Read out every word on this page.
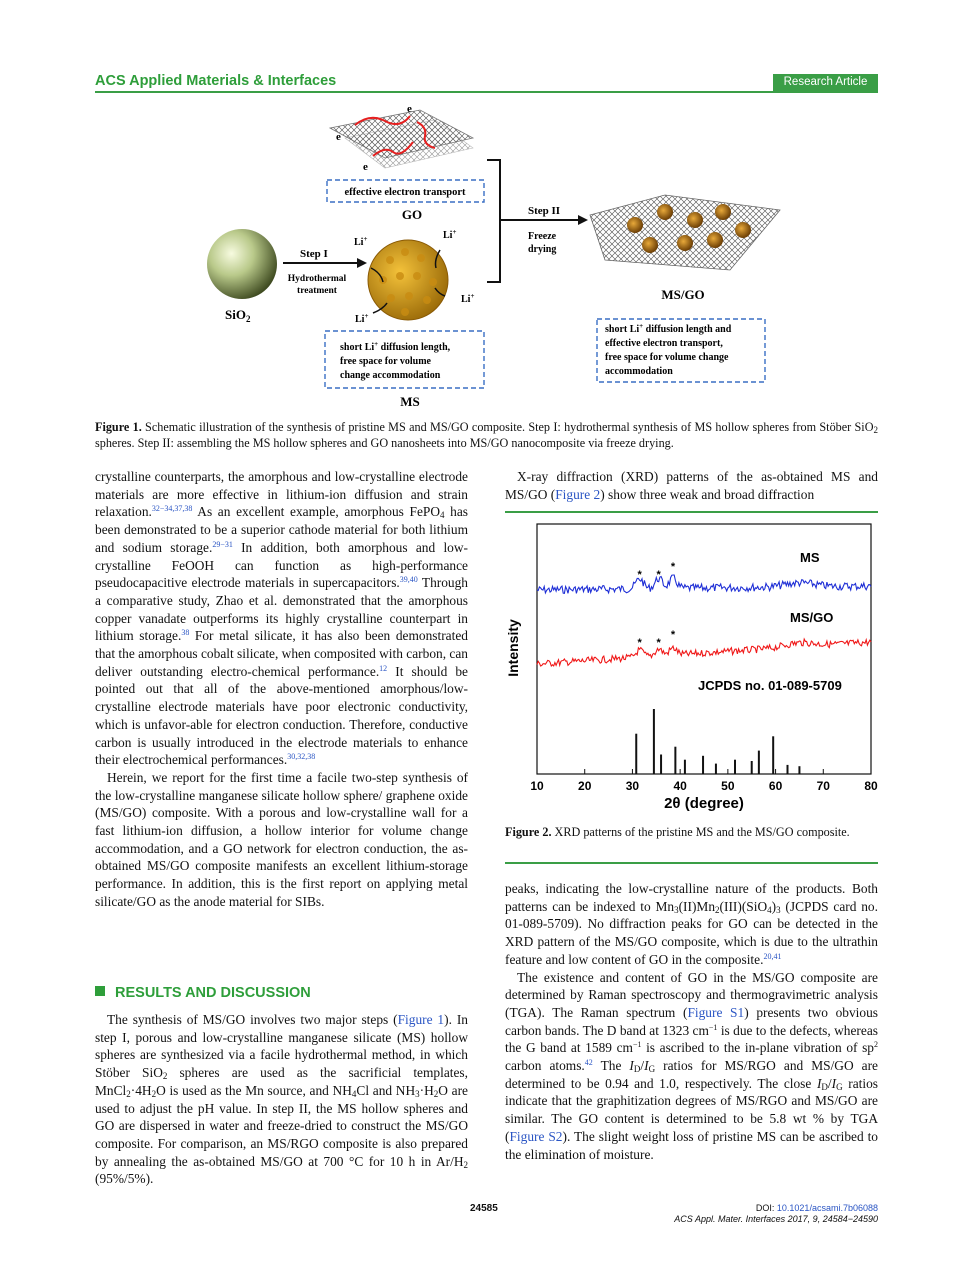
ACS Applied Materials & Interfaces	Research Article
e
e
e
effective electron transport
GO
SiO$_2$
Step I
Hydrothermal
treatment
Li+	Li+
Li+
Li+
Step II
Freeze
drying
MS/GO
short Li+ diffusion length,
free space for volume
change accommodation
MS
short Li+ diffusion length and
effective electron transport,
free space for volume change
accommodation
Figure 1. Schematic illustration of the synthesis of pristine MS and MS/GO composite. Step I: hydrothermal synthesis of MS hollow spheres from Stöber SiO$_2$ spheres. Step II: assembling the MS hollow spheres and GO nanosheets into MS/GO nanocomposite via freeze drying.

crystalline counterparts, the amorphous and low-crystalline electrode materials are more effective in lithium-ion diffusion and strain relaxation.$^{32-34,37,38}$ As an excellent example, amorphous FePO$_4$ has been demonstrated to be a superior cathode material for both lithium and sodium storage.$^{29-31}$ In addition, both amorphous and low-crystalline FeOOH can function as high-performance pseudocapacitive electrode materials in supercapacitors.$^{39,40}$ Through a comparative study, Zhao et al. demonstrated that the amorphous copper vanadate outperforms its highly crystalline counterpart in lithium storage.$^{38}$ For metal silicate, it has also been demonstrated that the amorphous cobalt silicate, when composited with carbon, can deliver outstanding electro-chemical performance.$^{12}$ It should be pointed out that all of the above-mentioned amorphous/low-crystalline electrode materials have poor electronic conductivity, which is unfavor-able for electron conduction. Therefore, conductive carbon is usually introduced in the electrode materials to enhance their electrochemical performances.$^{30,32,38}$

Herein, we report for the first time a facile two-step synthesis of the low-crystalline manganese silicate hollow sphere/ graphene oxide (MS/GO) composite. With a porous and low-crystalline wall for a fast lithium-ion diffusion, a hollow interior for volume change accommodation, and a GO network for electron conduction, the as-obtained MS/GO composite manifests an excellent lithium-storage performance. In addition, this is the first report on applying metal silicate/GO as the anode material for SIBs.

RESULTS AND DISCUSSION

The synthesis of MS/GO involves two major steps (Figure 1). In step I, porous and low-crystalline manganese silicate (MS) hollow spheres are synthesized via a facile hydrothermal method, in which Stöber SiO$_2$ spheres are used as the sacrificial templates, $MnCl_2\cdot 4H_2O$ is used as the Mn source, and $NH_4Cl$ and $NH_3\cdot H_2O$ are used to adjust the pH value. In step II, the MS hollow spheres and GO are dispersed in water and freeze-dried to construct the MS/GO composite. For comparison, an MS/RGO composite is also prepared by annealing the as-obtained MS/GO at 700 °C for 10 h in $Ar/H_2$ (95%/5%).

X-ray diffraction (XRD) patterns of the as-obtained MS and MS/GO (Figure 2) show three weak and broad diffraction

10	20	30	40	50	60	70	80
* *
*
* *
*
MS
MS/GO
JCPDS no. 01-089-5709
Intensity
2θ (degree)
Figure 2. XRD patterns of the pristine MS and the MS/GO composite.

peaks, indicating the low-crystalline nature of the products. Both patterns can be indexed to $Mn_3(II)Mn_2(III)(SiO_4)_3$ (JCPDS card no. 01-089-5709). No diffraction peaks for GO can be detected in the XRD pattern of the MS/GO composite, which is due to the ultrathin feature and low content of GO in the composite.$^{20,41}$

The existence and content of GO in the MS/GO composite are determined by Raman spectroscopy and thermogravimetric analysis (TGA). The Raman spectrum (Figure S1) presents two obvious carbon bands. The D band at 1323 $cm^{-1}$ is due to the defects, whereas the G band at 1589 $cm^{-1}$ is ascribed to the in-plane vibration of $sp^2$ carbon atoms.$^{42}$ The $I_D/I_G$ ratios for MS/RGO and MS/GO are determined to be 0.94 and 1.0, respectively. The close $I_D/I_G$ ratios indicate that the graphitization degrees of MS/RGO and MS/GO are similar. The GO content is determined to be 5.8 wt % by TGA (Figure S2). The slight weight loss of pristine MS can be ascribed to the elimination of moisture.

24585	DOI: 10.1021/acsami.7b06088
ACS Appl. Mater. Interfaces 2017, 9, 24584−24590
